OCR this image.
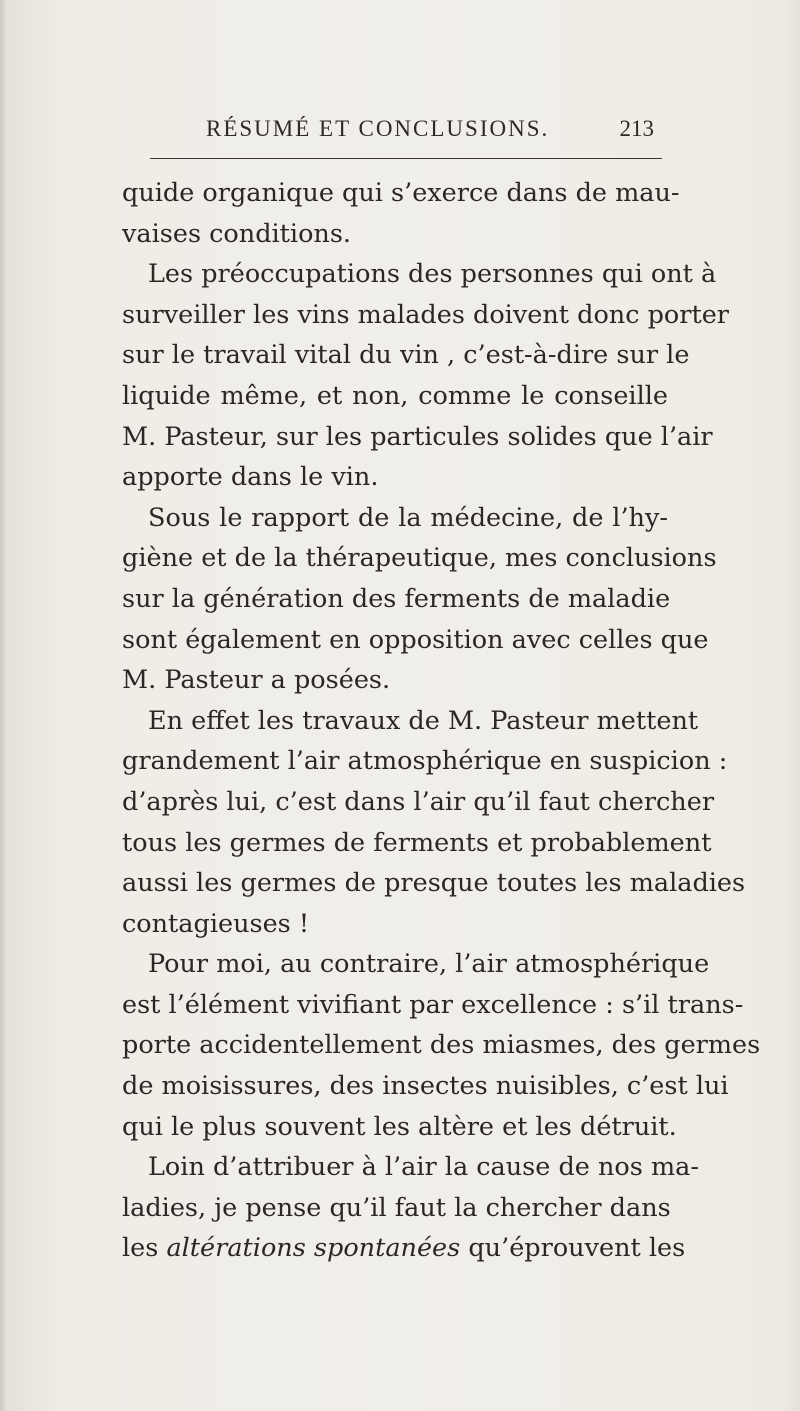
RÉSUMÉ ET CONCLUSIONS.	213
quide organique qui s’exerce dans de mau-
vaises conditions.
Les préoccupations des personnes qui ont à
surveiller les vins malades doivent donc porter
sur le travail vital du vin , c’est-à-dire sur le
liquide même, et non, comme le conseille
M. Pasteur, sur les particules solides que l’air
apporte dans le vin.
Sous le rapport de la médecine, de l’hy-
giène et de la thérapeutique, mes conclusions
sur la génération des ferments de maladie
sont également en opposition avec celles que
M. Pasteur a posées.
En effet les travaux de M. Pasteur mettent
grandement l’air atmosphérique en suspicion :
d’après lui, c’est dans l’air qu’il faut chercher
tous les germes de ferments et probablement
aussi les germes de presque toutes les maladies
contagieuses !
Pour moi, au contraire, l’air atmosphérique
est l’élément vivifiant par excellence : s’il trans-
porte accidentellement des miasmes, des germes
de moisissures, des insectes nuisibles, c’est lui
qui le plus souvent les altère et les détruit.
Loin d’attribuer à l’air la cause de nos ma-
ladies, je pense qu’il faut la chercher dans
les altérations spontanées qu’éprouvent les
